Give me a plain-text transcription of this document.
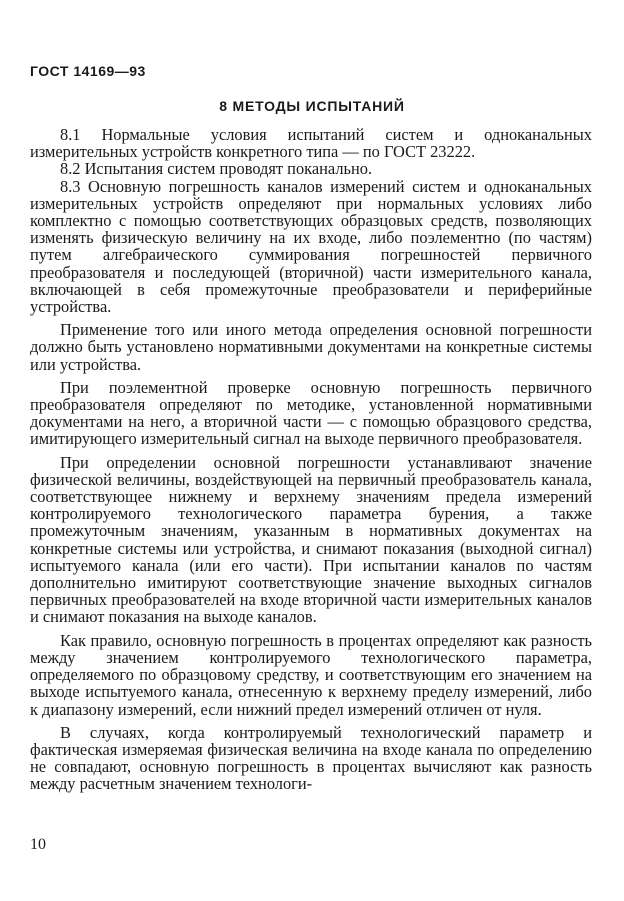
ГОСТ 14169—93
8 МЕТОДЫ ИСПЫТАНИЙ

8.1 Нормальные условия испытаний систем и одноканальных измерительных устройств конкретного типа — по ГОСТ 23222.

8.2 Испытания систем проводят поканально.

8.3 Основную погрешность каналов измерений систем и одноканальных измерительных устройств определяют при нормальных условиях либо комплектно с помощью соответствующих образцовых средств, позволяющих изменять физическую величину на их входе, либо поэлементно (по частям) путем алгебраического суммирования погрешностей первичного преобразователя и последующей (вторичной) части измерительного канала, включающей в себя промежуточные преобразователи и периферийные устройства.

Применение того или иного метода определения основной погрешности должно быть установлено нормативными документами на конкретные системы или устройства.

При поэлементной проверке основную погрешность первичного преобразователя определяют по методике, установленной нормативными документами на него, а вторичной части — с помощью образцового средства, имитирующего измерительный сигнал на выходе первичного преобразователя.

При определении основной погрешности устанавливают значение физической величины, воздействующей на первичный преобразователь канала, соответствующее нижнему и верхнему значениям предела измерений контролируемого технологического параметра бурения, а также промежуточным значениям, указанным в нормативных документах на конкретные системы или устройства, и снимают показания (выходной сигнал) испытуемого канала (или его части). При испытании каналов по частям дополнительно имитируют соответствующие значение выходных сигналов первичных преобразователей на входе вторичной части измерительных каналов и снимают показания на выходе каналов.

Как правило, основную погрешность в процентах определяют как разность между значением контролируемого технологического параметра, определяемого по образцовому средству, и соответствующим его значением на выходе испытуемого канала, отнесенную к верхнему пределу измерений, либо к диапазону измерений, если нижний предел измерений отличен от нуля.

В случаях, когда контролируемый технологический параметр и фактическая измеряемая физическая величина на входе канала по определению не совпадают, основную погрешность в процентах вычисляют как разность между расчетным значением технологи-

10
